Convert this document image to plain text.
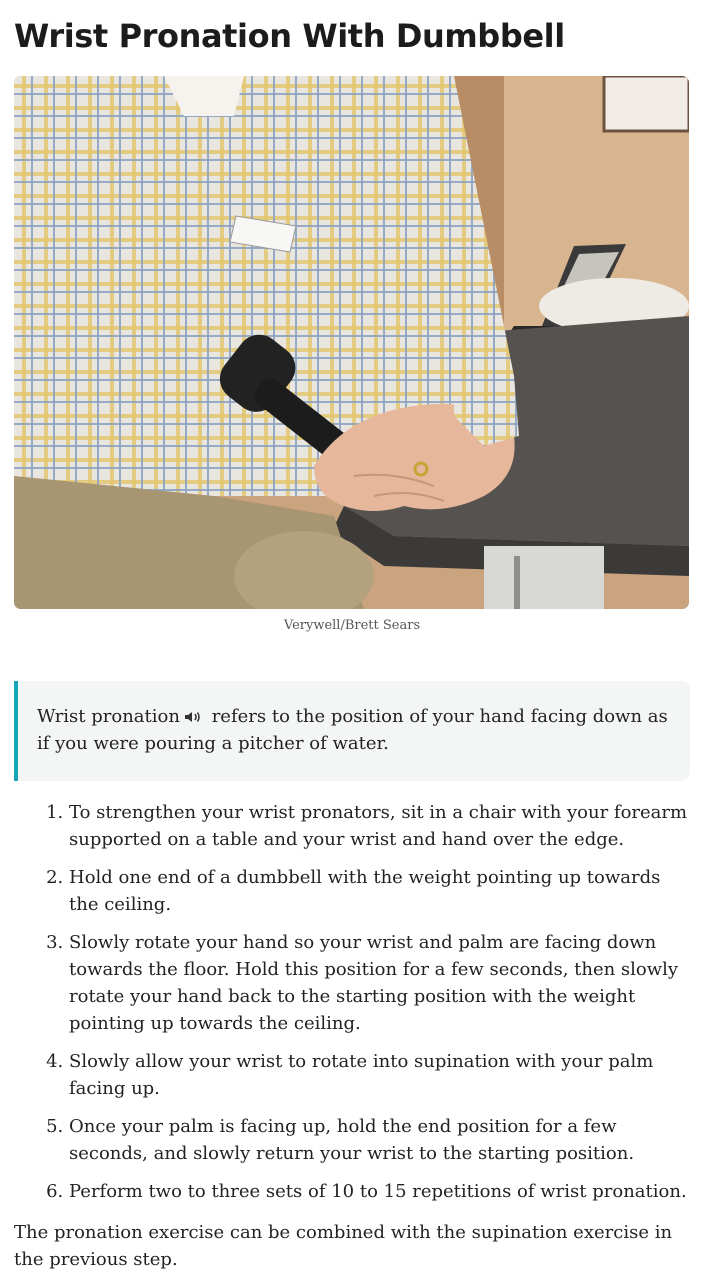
Wrist Pronation With Dumbbell
Verywell/Brett Sears
Wrist pronation refers to the position of your hand facing down as if you were pouring a pitcher of water.
1. To strengthen your wrist pronators, sit in a chair with your forearm supported on a table and your wrist and hand over the edge.
2. Hold one end of a dumbbell with the weight pointing up towards the ceiling.
3. Slowly rotate your hand so your wrist and palm are facing down towards the floor. Hold this position for a few seconds, then slowly rotate your hand back to the starting position with the weight pointing up towards the ceiling.
4. Slowly allow your wrist to rotate into supination with your palm facing up.
5. Once your palm is facing up, hold the end position for a few seconds, and slowly return your wrist to the starting position.
6. Perform two to three sets of 10 to 15 repetitions of wrist pronation.

The pronation exercise can be combined with the supination exercise in the previous step.
